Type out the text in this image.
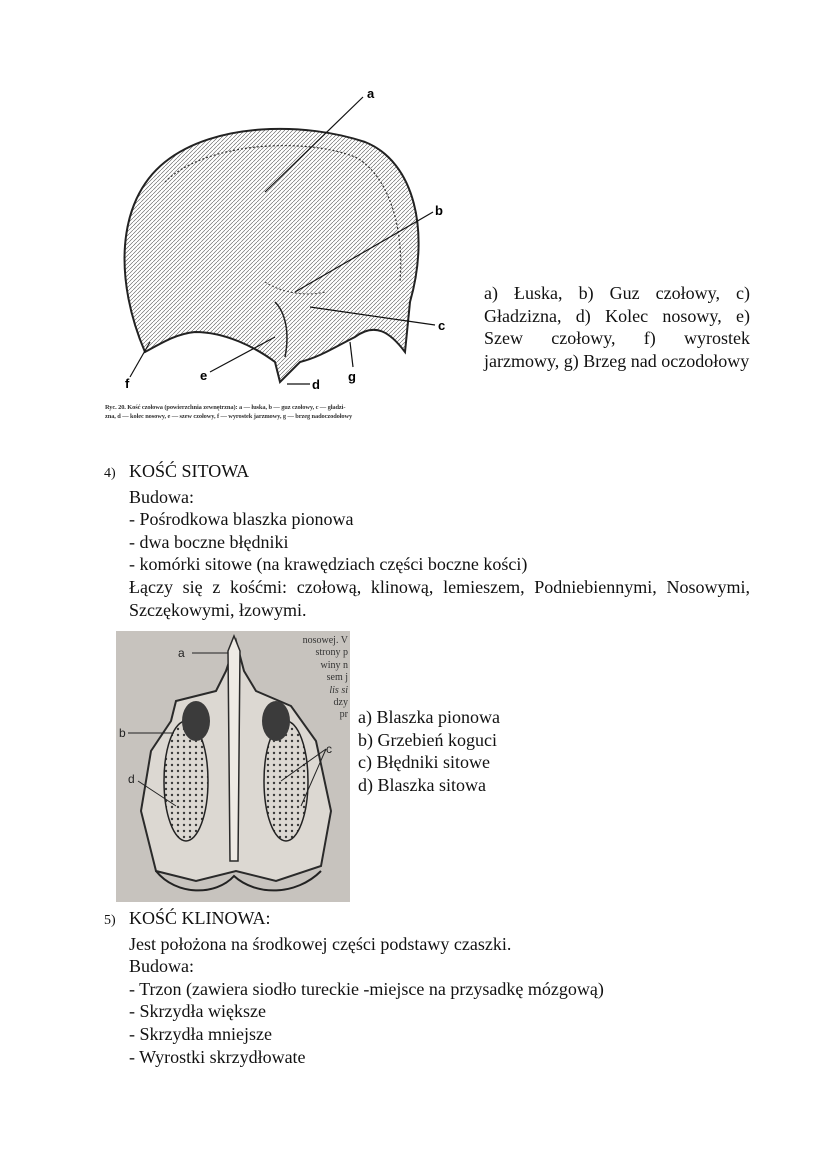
a
b
c
d
e
f	g
Ryc. 20. Kość czołowa (powierzchnia zewnętrzna): a — łuska, b — guz czołowy, c — gładzi-
zna, d — kolec nosowy, e — szew czołowy, f — wyrostek jarzmowy, g — brzeg nadoczodołowy
a) Łuska, b) Guz czołowy, c) Gładzizna, d) Kolec nosowy, e) Szew czołowy, f) wyrostek jarzmowy, g) Brzeg nad oczodołowy
4) KOŚĆ SITOWA

Budowa:

- Pośrodkowa blaszka pionowa

- dwa boczne błędniki

- komórki sitowe (na krawędziach części boczne kości)

Łączy się z kośćmi: czołową, klinową, lemieszem, Podniebiennymi, Nosowymi, Szczękowymi, łzowymi.

a
b
c
d
nosowej. V
strony p
winy n
sem j
lis si
dzy
pr a) Blaszka pionowa
b) Grzebień koguci
c) Błędniki sitowe
d) Blaszka sitowa
5) KOŚĆ KLINOWA:

Jest położona na środkowej części podstawy czaszki.

Budowa:

- Trzon (zawiera siodło tureckie -miejsce na przysadkę mózgową)

- Skrzydła większe

- Skrzydła mniejsze

- Wyrostki skrzydłowate
